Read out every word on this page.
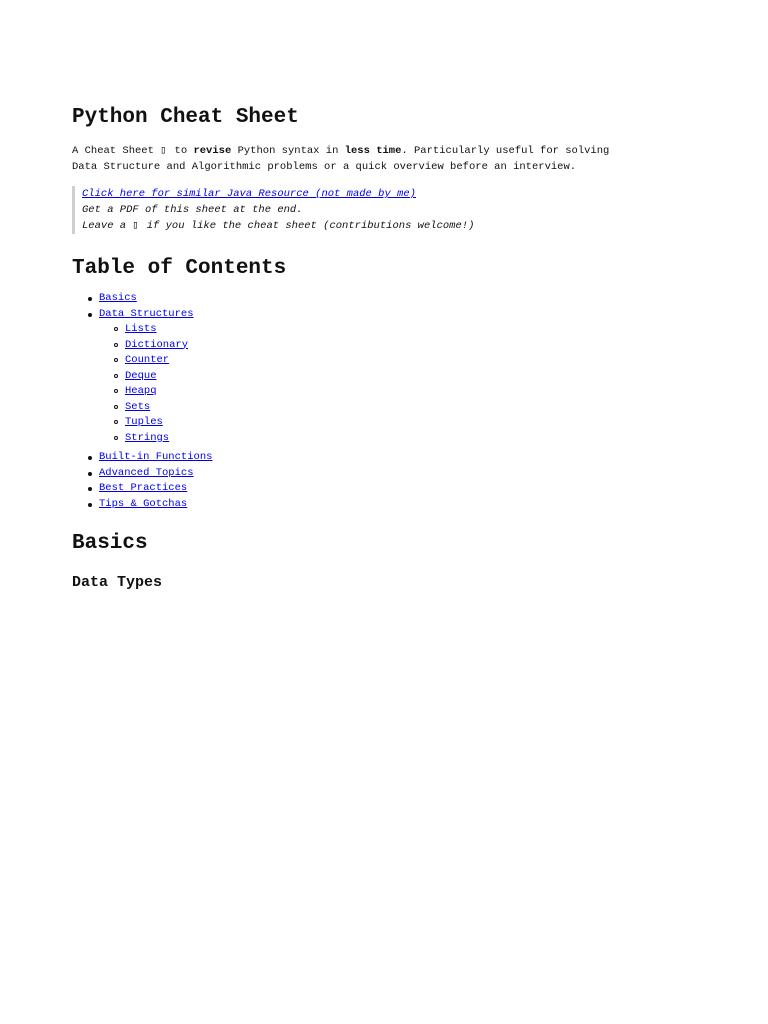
Python Cheat Sheet

A Cheat Sheet ▯ to revise Python syntax in less time. Particularly useful for solving Data Structure and Algorithmic problems or a quick overview before an interview.

Click here for similar Java Resource (not made by me)
Get a PDF of this sheet at the end.
Leave a ▯ if you like the cheat sheet (contributions welcome!)
Table of Contents
Basics
Data Structures
Lists
Dictionary
Counter
Deque
Heapq
Sets
Tuples
Strings
Built-in Functions
Advanced Topics
Best Practices
Tips & Gotchas
Basics
Data Types
